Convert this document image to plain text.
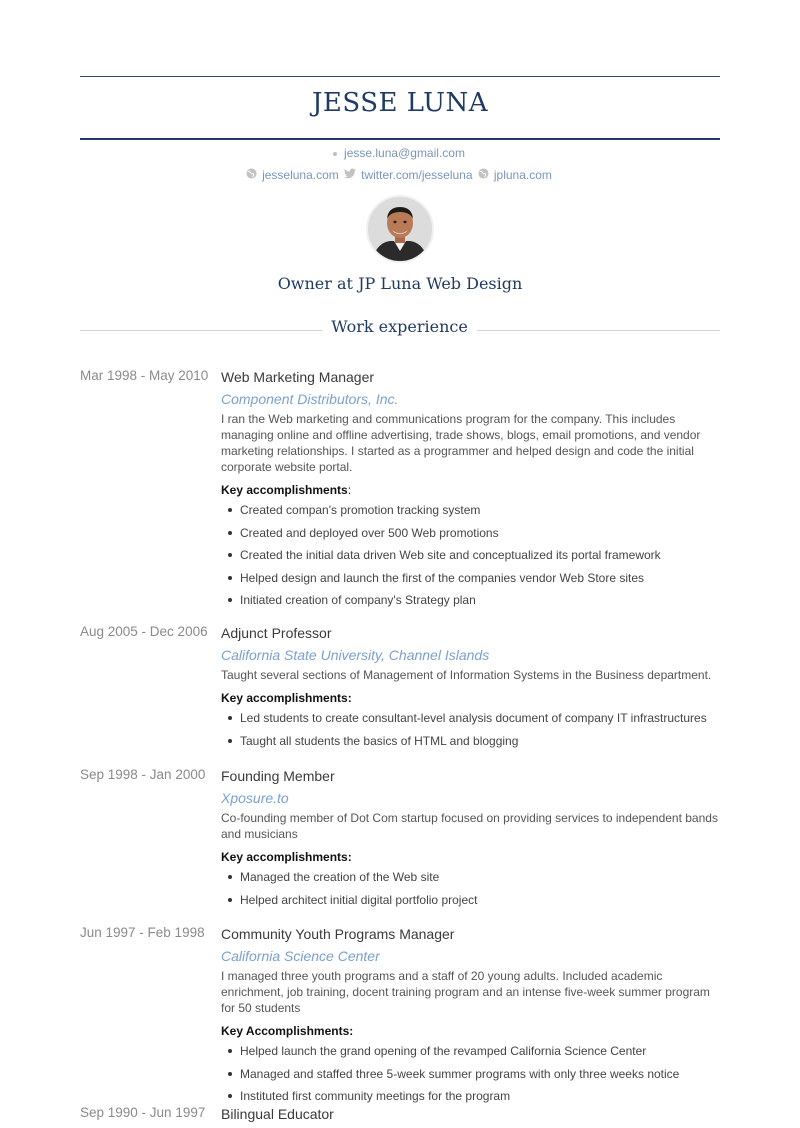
JESSE LUNA
jesse.luna@gmail.com
jesseluna.com twitter.com/jesseluna jpluna.com
Owner at JP Luna Web Design
Work experience
Mar 1998 - May 2010 Web Marketing Manager
Component Distributors, Inc.
I ran the Web marketing and communications program for the company. This includes managing online and offline advertising, trade shows, blogs, email promotions, and vendor marketing relationships. I started as a programmer and helped design and code the initial corporate website portal.
Key accomplishments:
Created compan's promotion tracking system
Created and deployed over 500 Web promotions
Created the initial data driven Web site and conceptualized its portal framework
Helped design and launch the first of the companies vendor Web Store sites
Initiated creation of company's Strategy plan
Aug 2005 - Dec 2006 Adjunct Professor
California State University, Channel Islands
Taught several sections of Management of Information Systems in the Business department.
Key accomplishments:
Led students to create consultant-level analysis document of company IT infrastructures
Taught all students the basics of HTML and blogging
Sep 1998 - Jan 2000	Founding Member
Xposure.to
Co-founding member of Dot Com startup focused on providing services to independent bands and musicians
Key accomplishments:
Managed the creation of the Web site
Helped architect initial digital portfolio project
Jun 1997 - Feb 1998	Community Youth Programs Manager
California Science Center
I managed three youth programs and a staff of 20 young adults. Included academic enrichment, job training, docent training program and an intense five-week summer program for 50 students
Key Accomplishments:
Helped launch the grand opening of the revamped California Science Center
Managed and staffed three 5-week summer programs with only three weeks notice
Instituted first community meetings for the program
Sep 1990 - Jun 1997	Bilingual Educator
